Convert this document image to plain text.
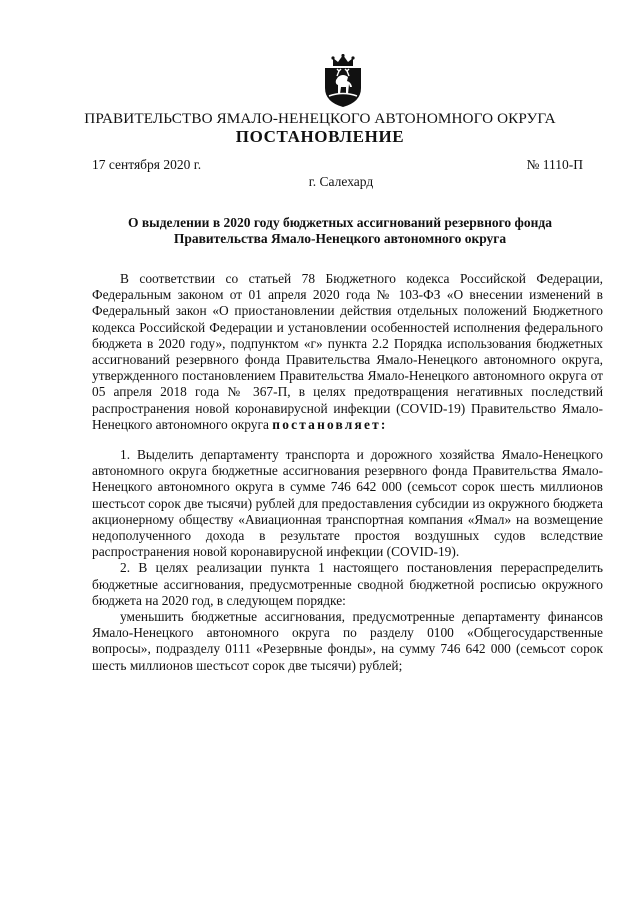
ПРАВИТЕЛЬСТВО ЯМАЛО-НЕНЕЦКОГО АВТОНОМНОГО ОКРУГА
ПОСТАНОВЛЕНИЕ
17 сентября 2020 г.	№ 1110-П
г. Салехард
О выделении в 2020 году бюджетных ассигнований резервного фонда Правительства Ямало-Ненецкого автономного округа

В соответствии со статьей 78 Бюджетного кодекса Российской Федерации, Федеральным законом от 01 апреля 2020 года № 103-ФЗ «О внесении изменений в Федеральный закон «О приостановлении действия отдельных положений Бюджетного кодекса Российской Федерации и установлении особенностей исполнения федерального бюджета в 2020 году», подпунктом «г» пункта 2.2 Порядка использования бюджетных ассигнований резервного фонда Правительства Ямало-Ненецкого автономного округа, утвержденного постановлением Правительства Ямало-Ненецкого автономного округа от 05 апреля 2018 года № 367-П, в целях предотвращения негативных последствий распространения новой коронавирусной инфекции (COVID-19) Правительство Ямало-Ненецкого автономного округа постановляет:

1. Выделить департаменту транспорта и дорожного хозяйства Ямало-Ненецкого автономного округа бюджетные ассигнования резервного фонда Правительства Ямало-Ненецкого автономного округа в сумме 746 642 000 (семьсот сорок шесть миллионов шестьсот сорок две тысячи) рублей для предоставления субсидии из окружного бюджета акционерному обществу «Авиационная транспортная компания «Ямал» на возмещение недополученного дохода в результате простоя воздушных судов вследствие распространения новой коронавирусной инфекции (COVID-19).

2. В целях реализации пункта 1 настоящего постановления перераспределить бюджетные ассигнования, предусмотренные сводной бюджетной росписью окружного бюджета на 2020 год, в следующем порядке:

уменьшить бюджетные ассигнования, предусмотренные департаменту финансов Ямало-Ненецкого автономного округа по разделу 0100 «Общегосударственные вопросы», подразделу 0111 «Резервные фонды», на сумму 746 642 000 (семьсот сорок шесть миллионов шестьсот сорок две тысячи) рублей;
